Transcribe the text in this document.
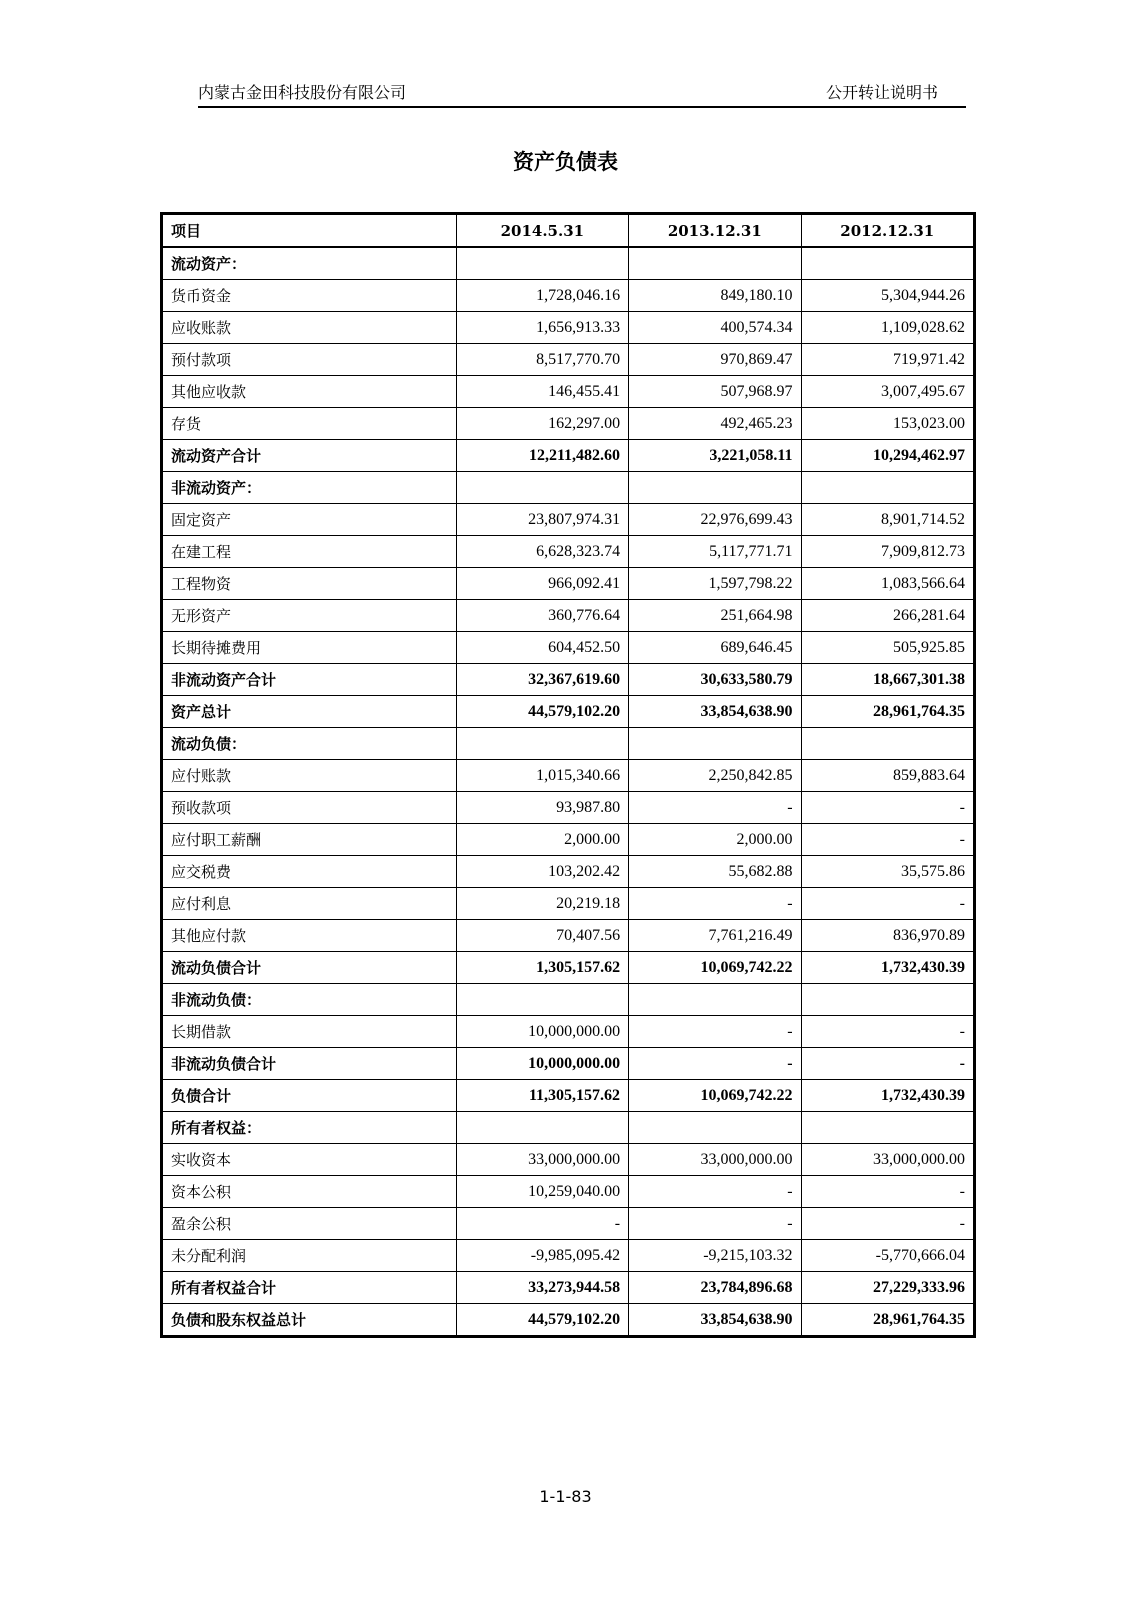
内蒙古金田科技股份有限公司	公开转让说明书
资产负债表
项目	2014.5.31	2013.12.31	2012.12.31
流动资产：			
货币资金	1,728,046.16	849,180.10	5,304,944.26
应收账款	1,656,913.33	400,574.34	1,109,028.62
预付款项	8,517,770.70	970,869.47	719,971.42
其他应收款	146,455.41	507,968.97	3,007,495.67
存货	162,297.00	492,465.23	153,023.00
流动资产合计	12,211,482.60	3,221,058.11	10,294,462.97
非流动资产：			
固定资产	23,807,974.31	22,976,699.43	8,901,714.52
在建工程	6,628,323.74	5,117,771.71	7,909,812.73
工程物资	966,092.41	1,597,798.22	1,083,566.64
无形资产	360,776.64	251,664.98	266,281.64
长期待摊费用	604,452.50	689,646.45	505,925.85
非流动资产合计	32,367,619.60	30,633,580.79	18,667,301.38
资产总计	44,579,102.20	33,854,638.90	28,961,764.35
流动负债：			
应付账款	1,015,340.66	2,250,842.85	859,883.64
预收款项	93,987.80	-	-
应付职工薪酬	2,000.00	2,000.00	-
应交税费	103,202.42	55,682.88	35,575.86
应付利息	20,219.18	-	-
其他应付款	70,407.56	7,761,216.49	836,970.89
流动负债合计	1,305,157.62	10,069,742.22	1,732,430.39
非流动负债：			
长期借款	10,000,000.00	-	-
非流动负债合计	10,000,000.00	-	-
负债合计	11,305,157.62	10,069,742.22	1,732,430.39
所有者权益：			
实收资本	33,000,000.00	33,000,000.00	33,000,000.00
资本公积	10,259,040.00	-	-
盈余公积	-	-	-
未分配利润	-9,985,095.42	-9,215,103.32	-5,770,666.04
所有者权益合计	33,273,944.58	23,784,896.68	27,229,333.96
负债和股东权益总计	44,579,102.20	33,854,638.90	28,961,764.35
1-1-83
